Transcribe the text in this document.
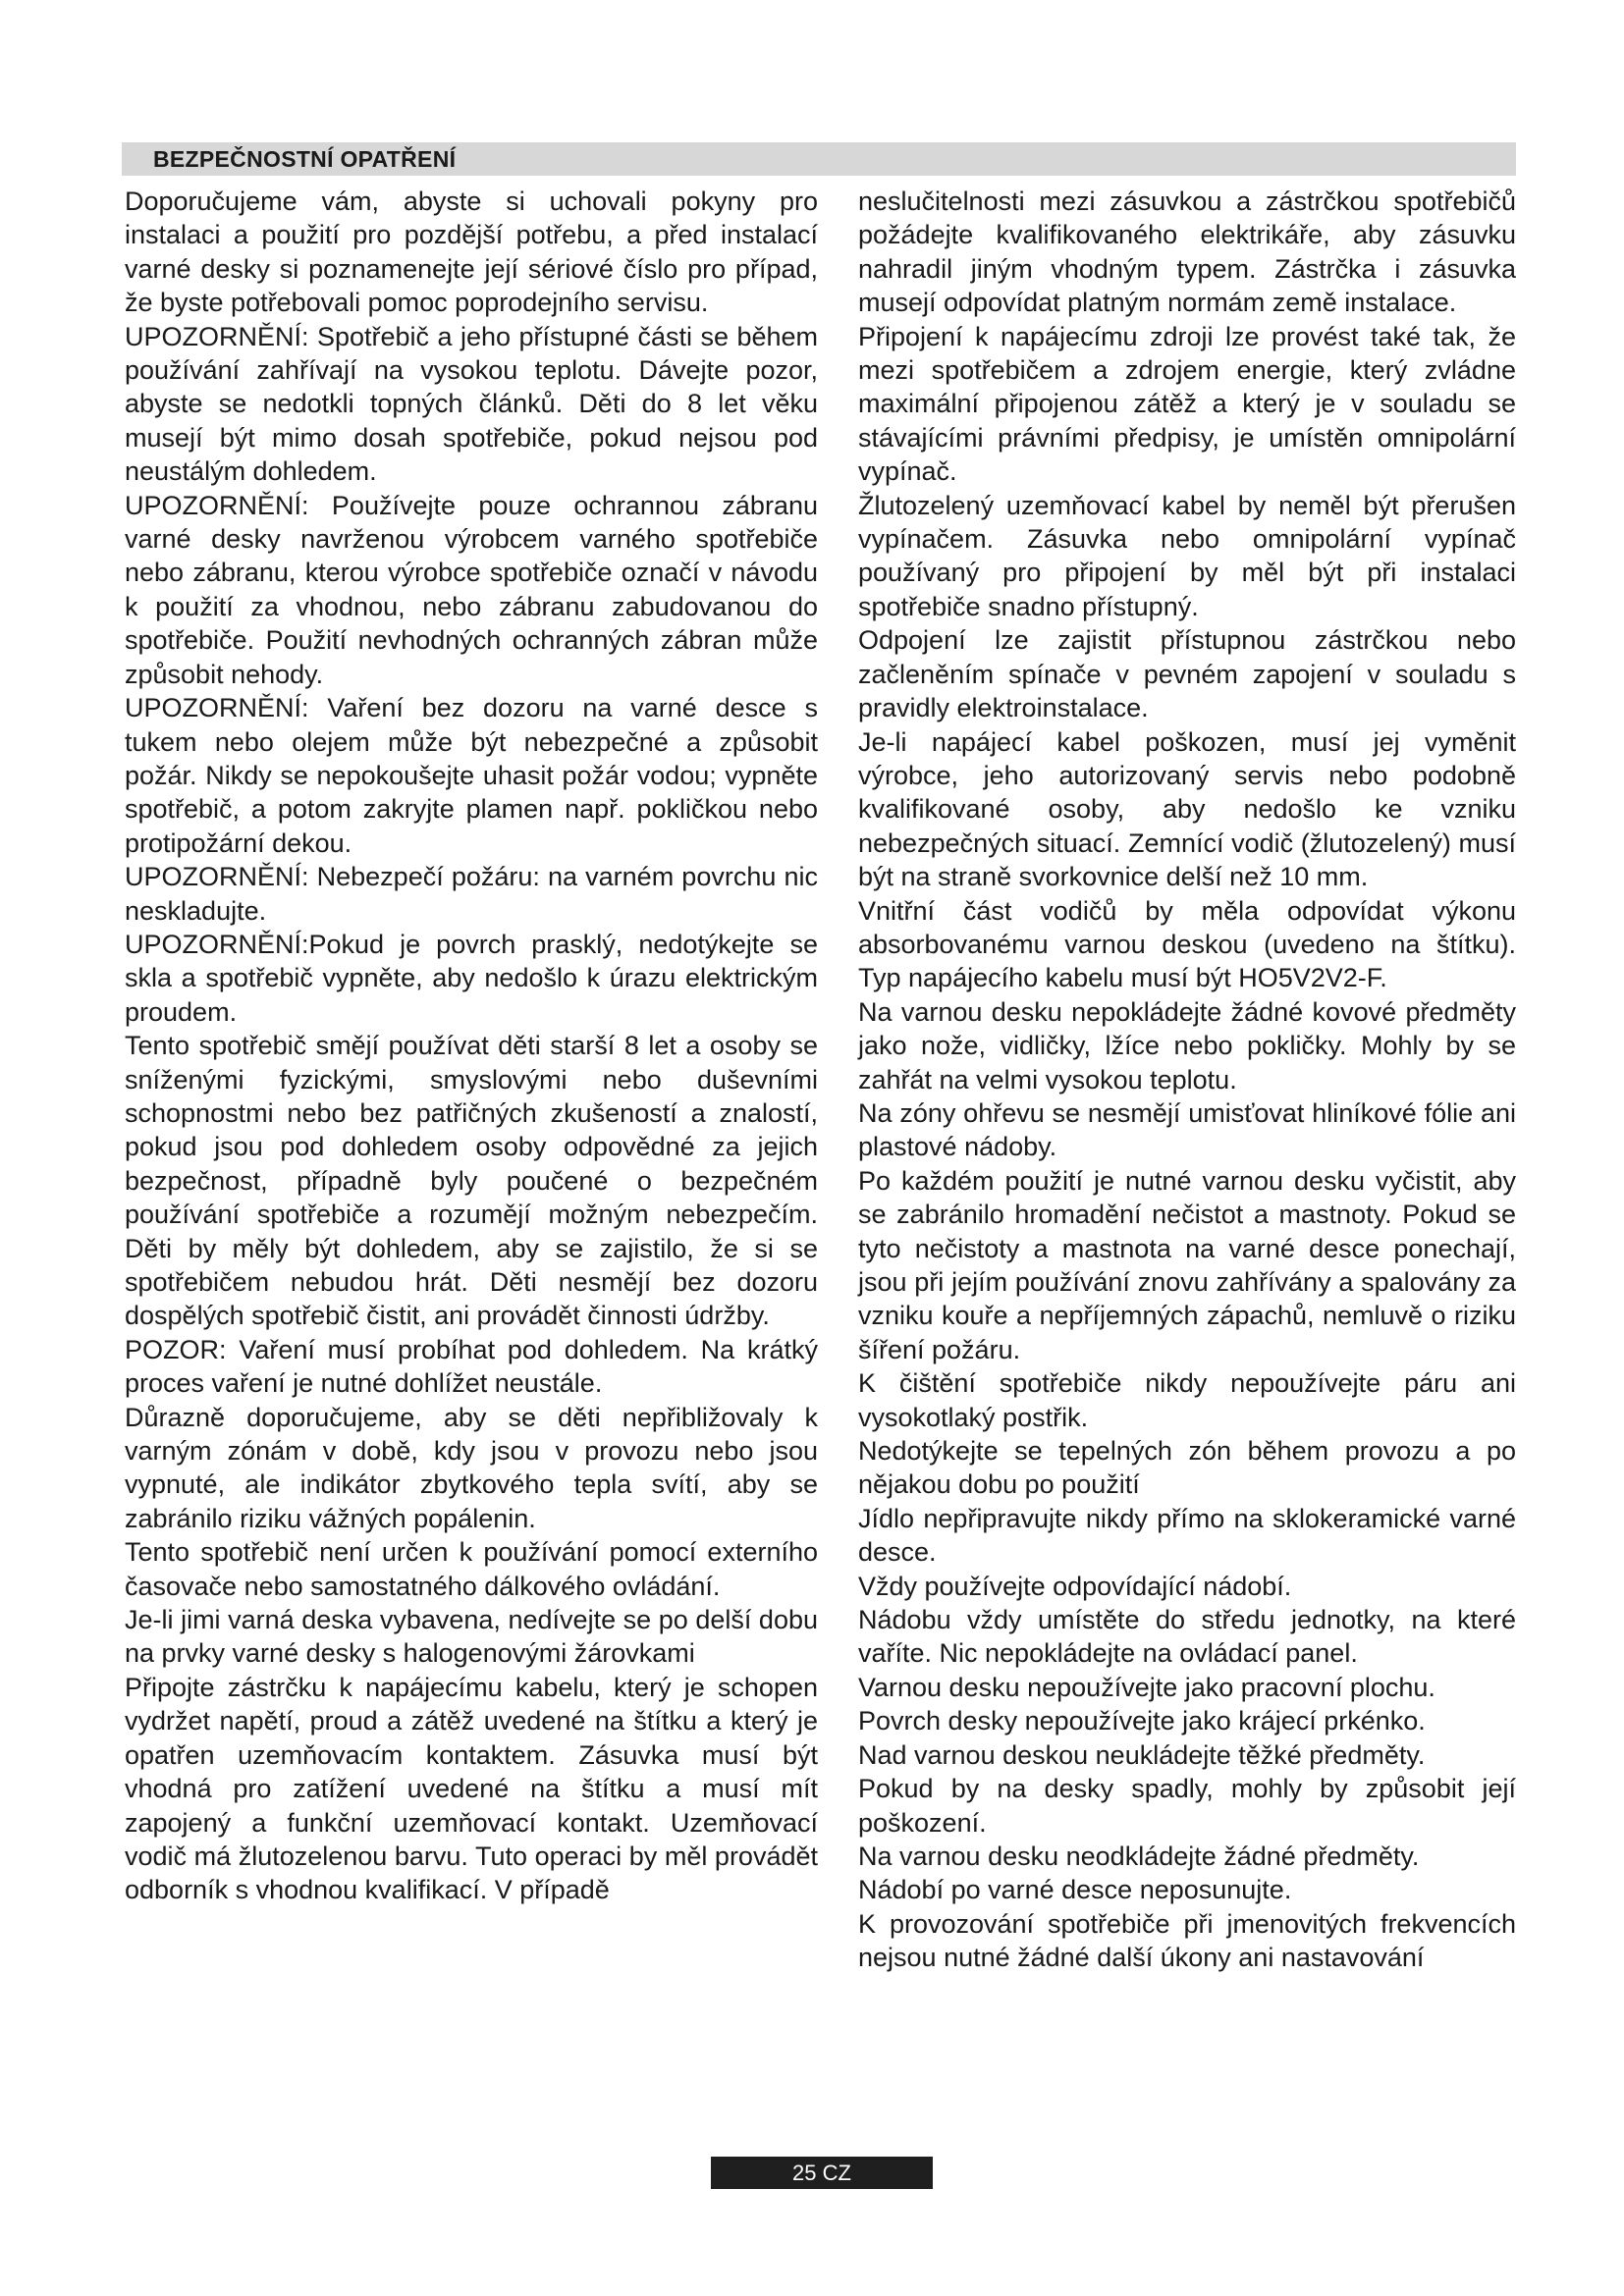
BEZPEČNOSTNÍ OPATŘENÍ

Doporučujeme vám, abyste si uchovali pokyny pro instalaci a použití pro pozdější potřebu, a před instalací varné desky si poznamenejte její sériové číslo pro případ, že byste potřebovali pomoc poprodejního servisu.

UPOZORNĚNÍ: Spotřebič a jeho přístupné části se během používání zahřívají na vysokou teplotu. Dávejte pozor, abyste se nedotkli topných článků. Děti do 8 let věku musejí být mimo dosah spotřebiče, pokud nejsou pod neustálým dohledem.

UPOZORNĚNÍ: Používejte pouze ochrannou zábranu varné desky navrženou výrobcem varného spotřebiče nebo zábranu, kterou výrobce spotřebiče označí v návodu k použití za vhodnou, nebo zábranu zabudovanou do spotřebiče. Použití nevhodných ochranných zábran může způsobit nehody.

UPOZORNĚNÍ: Vaření bez dozoru na varné desce s tukem nebo olejem může být nebezpečné a způsobit požár. Nikdy se nepokoušejte uhasit požár vodou; vypněte spotřebič, a potom zakryjte plamen např. pokličkou nebo protipožární dekou.

UPOZORNĚNÍ: Nebezpečí požáru: na varném povrchu nic neskladujte.

UPOZORNĚNÍ:Pokud je povrch prasklý, nedotýkejte se skla a spotřebič vypněte, aby nedošlo k úrazu elektrickým proudem.

Tento spotřebič smějí používat děti starší 8 let a osoby se sníženými fyzickými, smyslovými nebo duševními schopnostmi nebo bez patřičných zkušeností a znalostí, pokud jsou pod dohledem osoby odpovědné za jejich bezpečnost, případně byly poučené o bezpečném používání spotřebiče a rozumějí možným nebezpečím. Děti by měly být dohledem, aby se zajistilo, že si se spotřebičem nebudou hrát. Děti nesmějí bez dozoru dospělých spotřebič čistit, ani provádět činnosti údržby.

POZOR: Vaření musí probíhat pod dohledem. Na krátký proces vaření je nutné dohlížet neustále.

Důrazně doporučujeme, aby se děti nepřibližovaly k varným zónám v době, kdy jsou v provozu nebo jsou vypnuté, ale indikátor zbytkového tepla svítí, aby se zabránilo riziku vážných popálenin.

Tento spotřebič není určen k používání pomocí externího časovače nebo samostatného dálkového ovládání.

Je-li jimi varná deska vybavena, nedívejte se po delší dobu na prvky varné desky s halogenovými žárovkami

Připojte zástrčku k napájecímu kabelu, který je schopen vydržet napětí, proud a zátěž uvedené na štítku a který je opatřen uzemňovacím kontaktem. Zásuvka musí být vhodná pro zatížení uvedené na štítku a musí mít zapojený a funkční uzemňovací kontakt. Uzemňovací vodič má žlutozelenou barvu. Tuto operaci by měl provádět odborník s vhodnou kvalifikací. V případě

neslučitelnosti mezi zásuvkou a zástrčkou spotřebičů požádejte kvalifikovaného elektrikáře, aby zásuvku nahradil jiným vhodným typem. Zástrčka i zásuvka musejí odpovídat platným normám země instalace.

Připojení k napájecímu zdroji lze provést také tak, že mezi spotřebičem a zdrojem energie, který zvládne maximální připojenou zátěž a který je v souladu se stávajícími právními předpisy, je umístěn omnipolární vypínač.

Žlutozelený uzemňovací kabel by neměl být přerušen vypínačem. Zásuvka nebo omnipolární vypínač používaný pro připojení by měl být při instalaci spotřebiče snadno přístupný.

Odpojení lze zajistit přístupnou zástrčkou nebo začleněním spínače v pevném zapojení v souladu s pravidly elektroinstalace.

Je-li napájecí kabel poškozen, musí jej vyměnit výrobce, jeho autorizovaný servis nebo podobně kvalifikované osoby, aby nedošlo ke vzniku nebezpečných situací. Zemnící vodič (žlutozelený) musí být na straně svorkovnice delší než 10 mm.

Vnitřní část vodičů by měla odpovídat výkonu absorbovanému varnou deskou (uvedeno na štítku). Typ napájecího kabelu musí být HO5V2V2-F.

Na varnou desku nepokládejte žádné kovové předměty jako nože, vidličky, lžíce nebo pokličky. Mohly by se zahřát na velmi vysokou teplotu.

Na zóny ohřevu se nesmějí umisťovat hliníkové fólie ani plastové nádoby.

Po každém použití je nutné varnou desku vyčistit, aby se zabránilo hromadění nečistot a mastnoty. Pokud se tyto nečistoty a mastnota na varné desce ponechají, jsou při jejím používání znovu zahřívány a spalovány za vzniku kouře a nepříjemných zápachů, nemluvě o riziku šíření požáru.

K čištění spotřebiče nikdy nepoužívejte páru ani vysokotlaký postřik.

Nedotýkejte se tepelných zón během provozu a po nějakou dobu po použití

Jídlo nepřipravujte nikdy přímo na sklokeramické varné desce.

Vždy používejte odpovídající nádobí.

Nádobu vždy umístěte do středu jednotky, na které vaříte. Nic nepokládejte na ovládací panel.

Varnou desku nepoužívejte jako pracovní plochu.

Povrch desky nepoužívejte jako krájecí prkénko.

Nad varnou deskou neukládejte těžké předměty.

Pokud by na desky spadly, mohly by způsobit její poškození.

Na varnou desku neodkládejte žádné předměty.

Nádobí po varné desce neposunujte.

K provozování spotřebiče při jmenovitých frekvencích nejsou nutné žádné další úkony ani nastavování

25 CZ
